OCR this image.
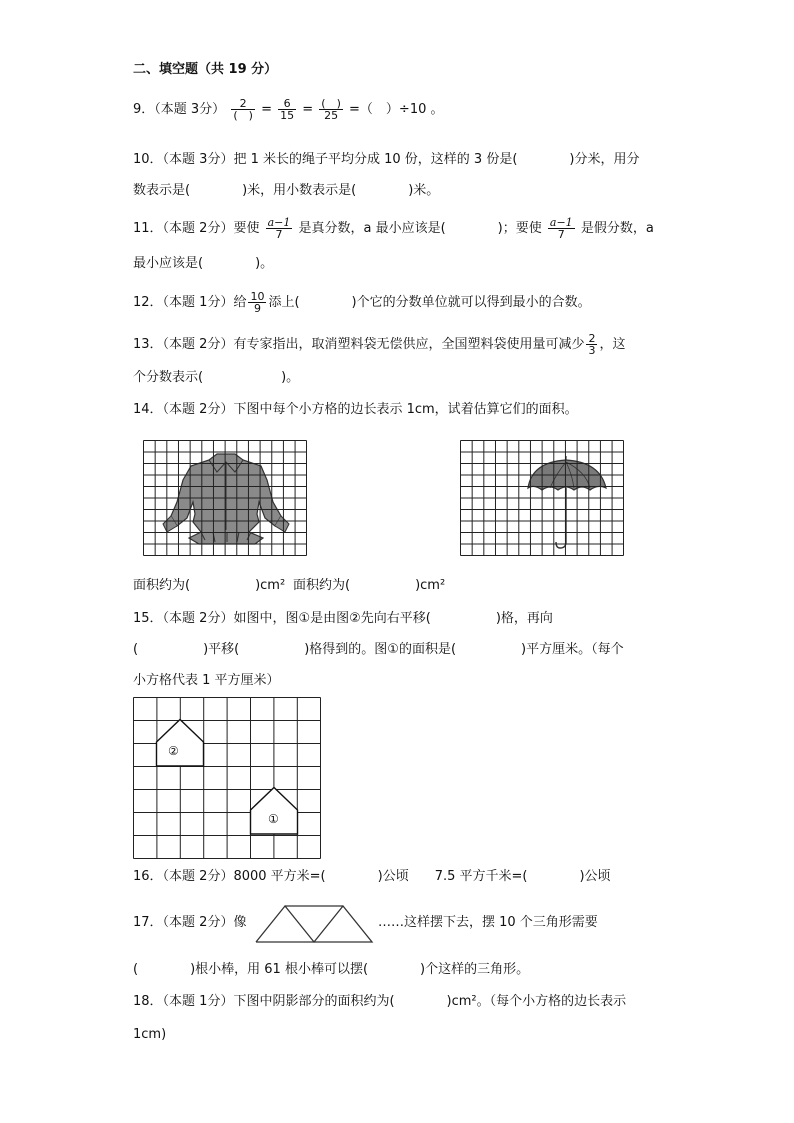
二、填空题（共 19 分）
9．（本题 3分） $\frac{2}{( )} = \frac{6}{15} = \frac{( )}{25}$ =（　）÷10 。
10．（本题 3分）把 1 米长的绳子平均分成 10 份，这样的 3 份是(　　　　)分米，用分
数表示是(　　　　)米，用小数表示是(　　　　)米。
11．（本题 2分）要使 $\frac{a-1}{7}$ 是真分数，a 最小应该是(　　　　)；要使 $\frac{a-1}{7}$ 是假分数，a
最小应该是(　　　　)。
12．（本题 1分）给 $\frac{10}{9}$ 添上(　　　　)个它的分数单位就可以得到最小的合数。
13．（本题 2分）有专家指出，取消塑料袋无偿供应，全国塑料袋使用量可减少 $\frac{2}{3}$ ，这
个分数表示(　　　　　　)。
14．（本题 2分）下图中每个小方格的边长表示 1cm，试着估算它们的面积。
面积约为(　　　　　)cm² 面积约为(　　　　　)cm²
15．（本题 2分）如图中，图①是由图②先向右平移(　　　　　)格，再向
(　　　　　)平移(　　　　　)格得到的。图①的面积是(　　　　　)平方厘米。（每个
小方格代表 1 平方厘米）
②
①
16．（本题 2分）8000 平方米=(　　　　)公顷　　7.5 平方千米=(　　　　)公顷
17．（本题 2分）像	……这样摆下去，摆 10 个三角形需要
(　　　　)根小棒，用 61 根小棒可以摆(　　　　)个这样的三角形。
18．（本题 1分）下图中阴影部分的面积约为(　　　　)cm²。（每个小方格的边长表示
1cm)
